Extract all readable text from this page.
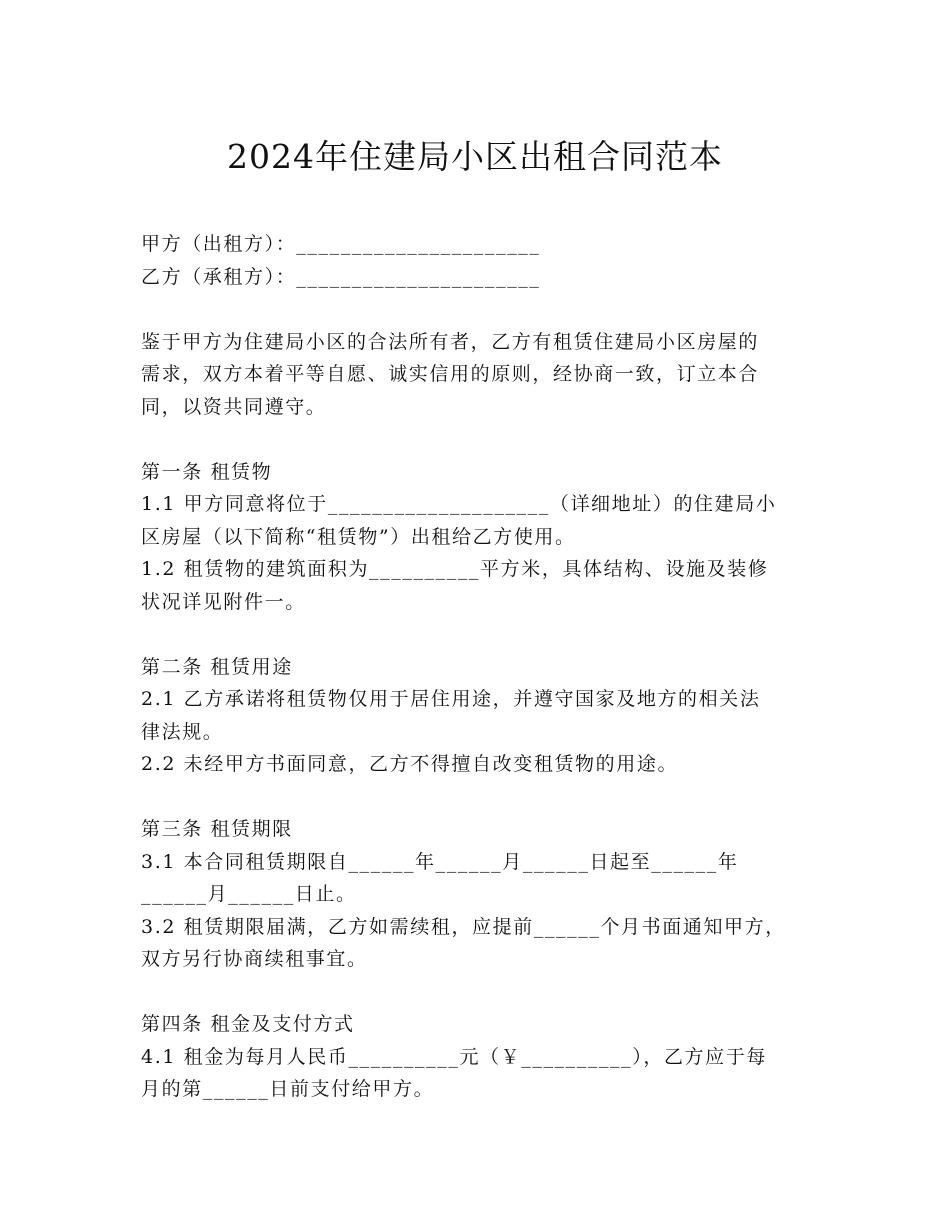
2024年住建局小区出租合同范本
甲方（出租方）：______________________
乙方（承租方）：______________________
鉴于甲方为住建局小区的合法所有者，乙方有租赁住建局小区房屋的
需求，双方本着平等自愿、诚实信用的原则，经协商一致，订立本合
同，以资共同遵守。
第一条 租赁物
1.1 甲方同意将位于____________________（详细地址）的住建局小
区房屋（以下简称“租赁物”）出租给乙方使用。
1.2 租赁物的建筑面积为__________平方米，具体结构、设施及装修
状况详见附件一。
第二条 租赁用途
2.1 乙方承诺将租赁物仅用于居住用途，并遵守国家及地方的相关法
律法规。
2.2 未经甲方书面同意，乙方不得擅自改变租赁物的用途。
第三条 租赁期限
3.1 本合同租赁期限自______年______月______日起至______年
______月______日止。
3.2 租赁期限届满，乙方如需续租，应提前______个月书面通知甲方，
双方另行协商续租事宜。
第四条 租金及支付方式
4.1 租金为每月人民币__________元（￥__________），乙方应于每
月的第______日前支付给甲方。
